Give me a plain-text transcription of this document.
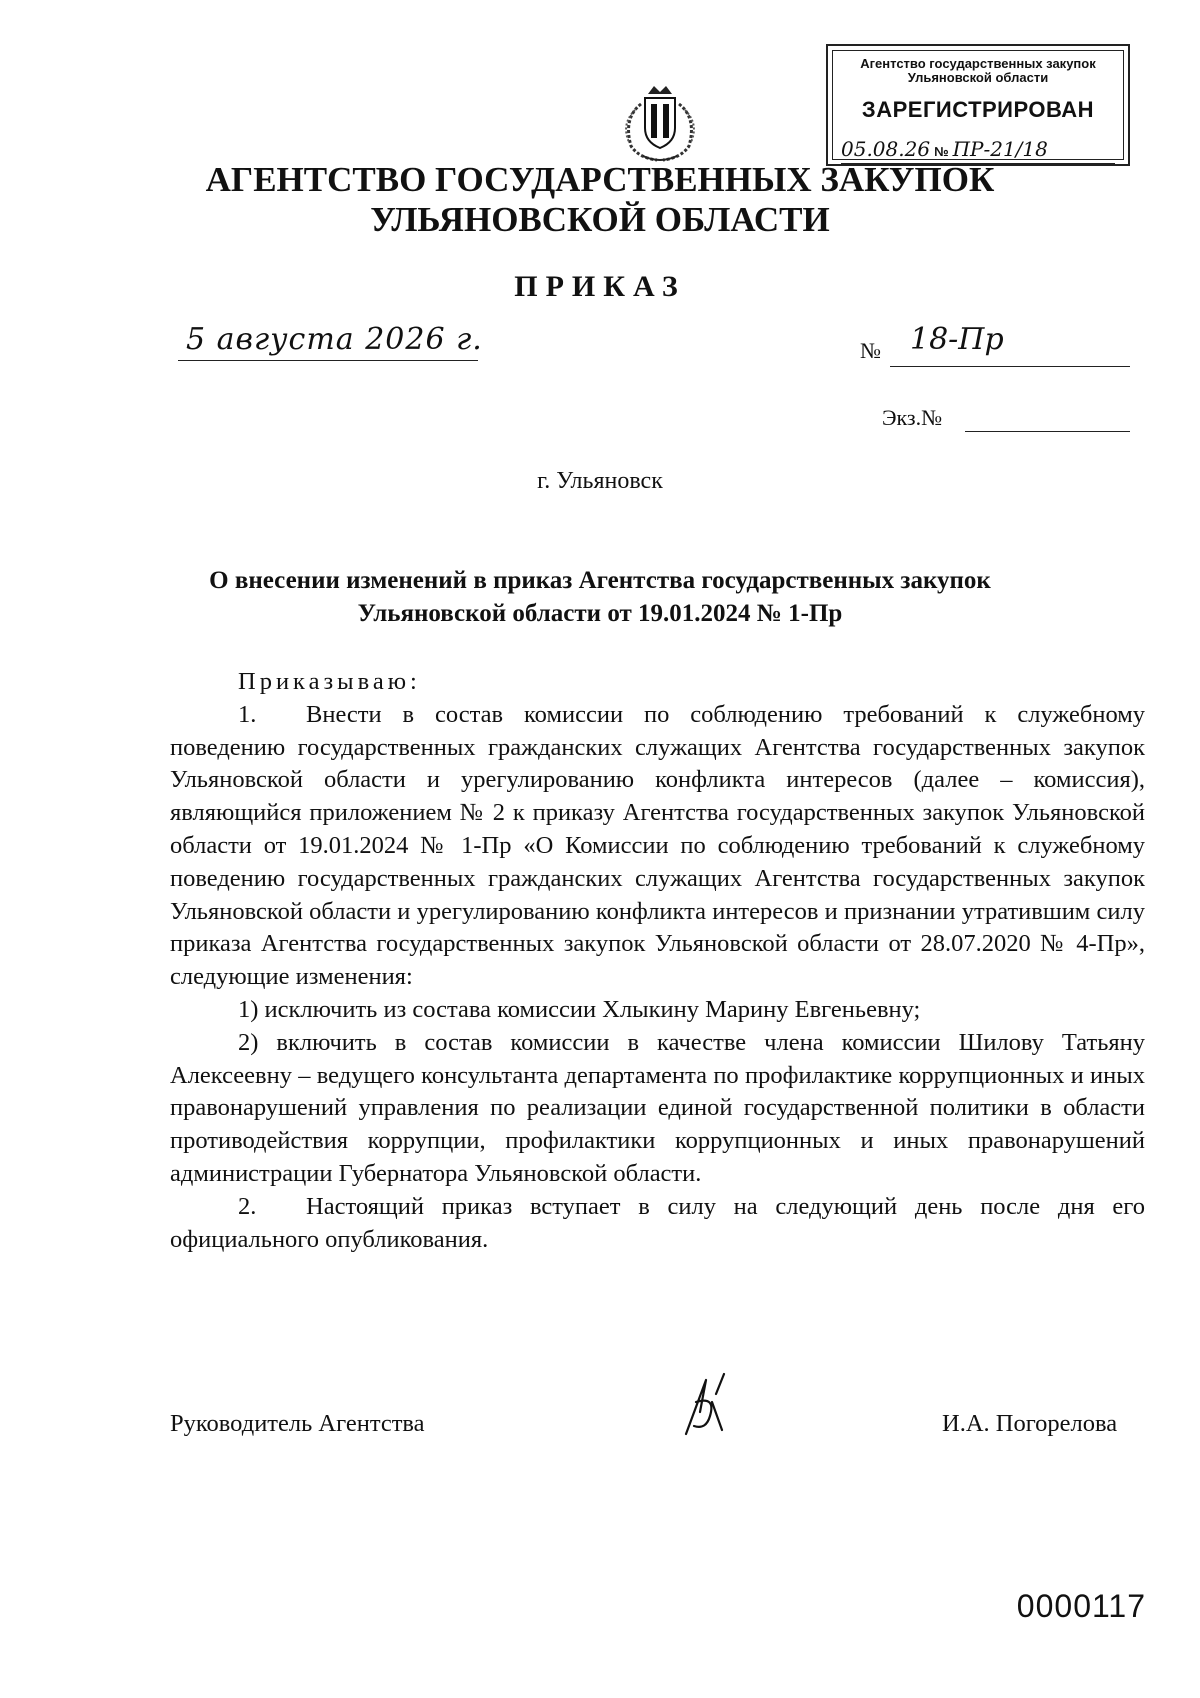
Агентство государственных закупок
Ульяновской области
ЗАРЕГИСТРИРОВАН
05.08.26 № ПР-21/18
АГЕНТСТВО ГОСУДАРСТВЕННЫХ ЗАКУПОК
УЛЬЯНОВСКОЙ ОБЛАСТИ
ПРИКАЗ
5 августа 2026 г.	№ 18-Пр
Экз.№
г. Ульяновск
О внесении изменений в приказ Агентства государственных закупок
Ульяновской области от 19.01.2024 № 1-Пр

Приказываю:

1. Внести в состав комиссии по соблюдению требований к служебному поведению государственных гражданских служащих Агентства государственных закупок Ульяновской области и урегулированию конфликта интересов (далее – комиссия), являющийся приложением № 2 к приказу Агентства государственных закупок Ульяновской области от 19.01.2024 № 1-Пр «О Комиссии по соблюдению требований к служебному поведению государственных гражданских служащих Агентства государственных закупок Ульяновской области и урегулированию конфликта интересов и признании утратившим силу приказа Агентства государственных закупок Ульяновской области от 28.07.2020 № 4-Пр», следующие изменения:

1) исключить из состава комиссии Хлыкину Марину Евгеньевну;

2) включить в состав комиссии в качестве члена комиссии Шилову Татьяну Алексеевну – ведущего консультанта департамента по профилактике коррупционных и иных правонарушений управления по реализации единой государственной политики в области противодействия коррупции, профилактики коррупционных и иных правонарушений администрации Губернатора Ульяновской области.

2. Настоящий приказ вступает в силу на следующий день после дня его официального опубликования.

Руководитель Агентства	И.А. Погорелова
0000117
